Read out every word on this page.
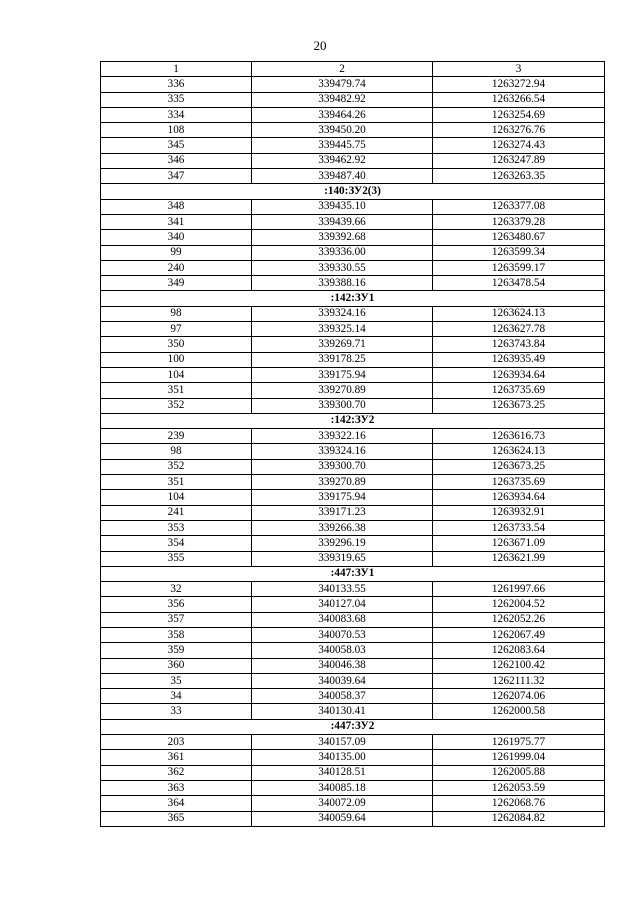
20
1	2	3
336	339479.74	1263272.94
335	339482.92	1263266.54
334	339464.26	1263254.69
108	339450.20	1263276.76
345	339445.75	1263274.43
346	339462.92	1263247.89
347	339487.40	1263263.35
:140:ЗУ2(3)		
348	339435.10	1263377.08
341	339439.66	1263379.28
340	339392.68	1263480.67
99	339336.00	1263599.34
240	339330.55	1263599.17
349	339388.16	1263478.54
:142:ЗУ1		
98	339324.16	1263624.13
97	339325.14	1263627.78
350	339269.71	1263743.84
100	339178.25	1263935.49
104	339175.94	1263934.64
351	339270.89	1263735.69
352	339300.70	1263673.25
:142:ЗУ2		
239	339322.16	1263616.73
98	339324.16	1263624.13
352	339300.70	1263673.25
351	339270.89	1263735.69
104	339175.94	1263934.64
241	339171.23	1263932.91
353	339266.38	1263733.54
354	339296.19	1263671.09
355	339319.65	1263621.99
:447:ЗУ1		
32	340133.55	1261997.66
356	340127.04	1262004.52
357	340083.68	1262052.26
358	340070.53	1262067.49
359	340058.03	1262083.64
360	340046.38	1262100.42
35	340039.64	1262111.32
34	340058.37	1262074.06
33	340130.41	1262000.58
:447:ЗУ2		
203	340157.09	1261975.77
361	340135.00	1261999.04
362	340128.51	1262005.88
363	340085.18	1262053.59
364	340072.09	1262068.76
365	340059.64	1262084.82
